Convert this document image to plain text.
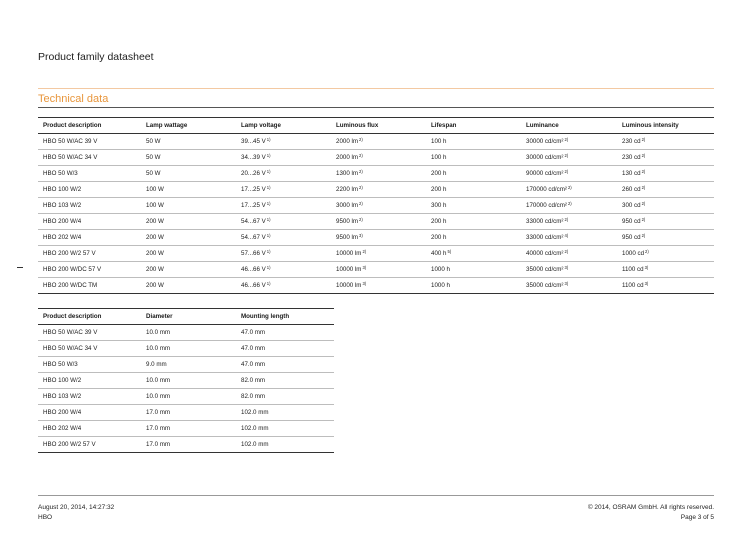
Product family datasheet
Technical data
Product description	Lamp wattage	Lamp voltage	Luminous flux	Lifespan	Luminance	Luminous intensity
HBO 50 W/AC 39 V	50 W	39...45 $V^{1)}$	2000 $lm^{2)}$	100 h	30000 cd/cm²$^{2)}$	230 $cd^{2)}$
HBO 50 W/AC 34 V	50 W	34...39 $V^{1)}$	2000 $lm^{2)}$	100 h	30000 cd/cm²$^{2)}$	230 $cd^{2)}$
HBO 50 W/3	50 W	20...26 $V^{1)}$	1300 $lm^{2)}$	200 h	90000 cd/cm²$^{2)}$	130 $cd^{2)}$
HBO 100 W/2	100 W	17...25 $V^{1)}$	2200 $lm^{2)}$	200 h	170000 cd/cm²$^{2)}$	260 $cd^{2)}$
HBO 103 W/2	100 W	17...25 $V^{1)}$	3000 $lm^{2)}$	300 h	170000 cd/cm²$^{2)}$	300 $cd^{2)}$
HBO 200 W/4	200 W	54...67 $V^{1)}$	9500 $lm^{2)}$	200 h	33000 cd/cm²$^{2)}$	950 $cd^{2)}$
HBO 202 W/4	200 W	54...67 $V^{1)}$	9500 $lm^{3)}$	200 h	33000 cd/cm²$^{4)}$	950 $cd^{2)}$
HBO 200 W/2 57 V	200 W	57...66 $V^{1)}$	10000 $lm^{2)}$	400 $h^{5)}$	40000 cd/cm²$^{2)}$	1000 $cd^{2)}$
HBO 200 W/DC 57 V	200 W	46...66 $V^{1)}$	10000 $lm^{3)}$	1000 h	35000 cd/cm²$^{3)}$	1100 $cd^{3)}$
HBO 200 W/DC TM	200 W	46...66 $V^{1)}$	10000 $lm^{3)}$	1000 h	35000 cd/cm²$^{3)}$	1100 $cd^{3)}$
Product description	Diameter	Mounting length
HBO 50 W/AC 39 V	10.0 mm	47.0 mm
HBO 50 W/AC 34 V	10.0 mm	47.0 mm
HBO 50 W/3	9.0 mm	47.0 mm
HBO 100 W/2	10.0 mm	82.0 mm
HBO 103 W/2	10.0 mm	82.0 mm
HBO 200 W/4	17.0 mm	102.0 mm
HBO 202 W/4	17.0 mm	102.0 mm
HBO 200 W/2 57 V	17.0 mm	102.0 mm
August 20, 2014, 14:27:32
HBO
© 2014, OSRAM GmbH. All rights reserved.
Page 3 of 5
